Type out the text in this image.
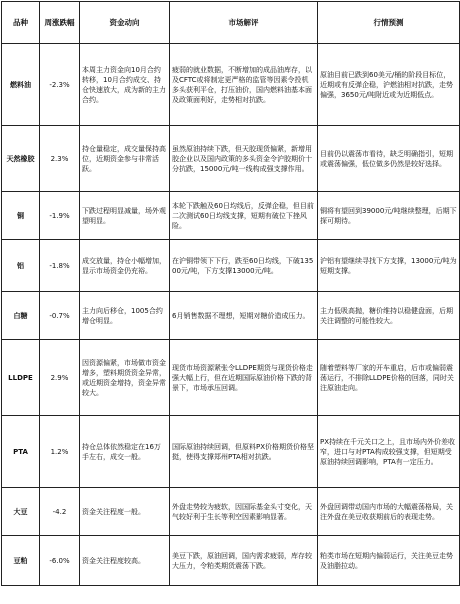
品种	周涨跌幅	资金动向	市场解评	行情预测
燃料油	-2.3%	本周主力资金向10月合约转移，10月合约成交、持仓快速放大，成为新的主力合约。	疲弱的就业数据，不断增加的成品油库存，以及CFTC或将制定更严格的监管等因素令投机多头获利平仓，打压油价，国内燃料油基本面及政策面利好，走势相对抗跌。	原油目前已跌到60美元/桶的阶段目标位，近期或有反弹企稳，沪燃油相对抗跌，走势偏强，3650元/吨附近或为近期低点。
天然橡胶	2.3%	持仓量稳定，成交量保持高位，近期资金参与非常活跃。	虽然原油持续下跌，但天胶现货偏紧，新增用胶企业以及国内政策的多头资金令沪胶期价十分抗跌，15000元/吨一线构成强支撑作用。	目前仍以震荡市看待，缺乏明确指引，短期或震荡偏强，低位做多仍然是较好选择。
铜	-1.9%	下跌过程明显减量，场外观望明显。	本轮下跌触及60日均线后，反弹企稳，但目前二次测试60日均线支撑，短期有破位下挫风险。	铜将有望回到39000元/吨继续整理，后期下探可期待。
铝	-1.8%	成交放量，持仓小幅增加，显示市场资金仍充裕。	在沪铜带领下下行，跌至60日均线，下破13500元/吨，下方支撑13000元/吨。	沪铝有望继续寻找下方支撑，13000元/吨为短期支撑。
白糖	-0.7%	主力向后移仓，1005合约增仓明显。	6月销售数据不理想，短期对糖价造成压力。	主力低吸高抛，糖价维持以稳健盘面，后期关注调整的可能性较大。
LLDPE	2.9%	因资源偏紧，市场做市资金增多，塑料期货资金异常，或近期资金增持，资金异常较大。	现货市场资源紧张令LLDPE期货与现货价格走强大幅上行，但在近期国际原油价格下跌的背景下，市场承压回调。	随着塑料等厂家的开车重启，后市或偏弱震荡运行，不排除LLDPE价格的回落，同时关注原油走向。
PTA	1.2%	持仓总体依然稳定在16万手左右，成交一般。	国际原油持续回调，但原料PX价格期货价格坚挺，使得支撑郑州PTA相对抗跌。	PX持续在千元关口之上，且市场内外价差收窄，进口与对PTA构成较强支撑，但短期受原油持续回调影响，PTA有一定压力。
大豆	-4.2	资金关注程度一般。	外盘走势较为疲软，因国际基金头寸变化，天气较好利于生长等利空因素影响显著。	外盘回调带动国内市场的大幅震荡格局，关注外盘在美豆收获期前后的表现走势。
豆粕	-6.0%	资金关注程度较高。	美豆下跌，原油回调，国内需求疲弱，库存较大压力，令粕类期货震荡下跌。	粕类市场在短期内偏弱运行，关注美豆走势及油脂拉动。
